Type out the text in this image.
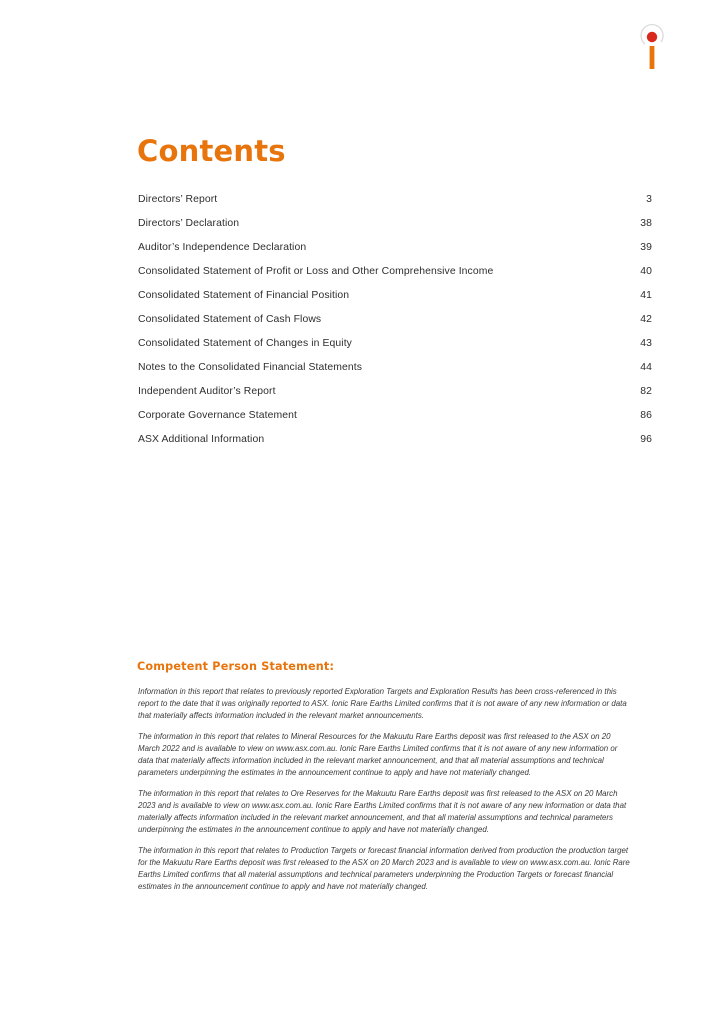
Contents
Directors’ Report	3
Directors’ Declaration	38
Auditor’s Independence Declaration	39
Consolidated Statement of Profit or Loss and Other Comprehensive Income	40
Consolidated Statement of Financial Position	41
Consolidated Statement of Cash Flows	42
Consolidated Statement of Changes in Equity	43
Notes to the Consolidated Financial Statements	44
Independent Auditor’s Report	82
Corporate Governance Statement	86
ASX Additional Information	96
Competent Person Statement:

Information in this report that relates to previously reported Exploration Targets and Exploration Results has been cross-referenced in this report to the date that it was originally reported to ASX. Ionic Rare Earths Limited confirms that it is not aware of any new information or data that materially affects information included in the relevant market announcements.

The information in this report that relates to Mineral Resources for the Makuutu Rare Earths deposit was first released to the ASX on 20 March 2022 and is available to view on www.asx.com.au. Ionic Rare Earths Limited confirms that it is not aware of any new information or data that materially affects information included in the relevant market announcement, and that all material assumptions and technical parameters underpinning the estimates in the announcement continue to apply and have not materially changed.

The information in this report that relates to Ore Reserves for the Makuutu Rare Earths deposit was first released to the ASX on 20 March 2023 and is available to view on www.asx.com.au. Ionic Rare Earths Limited confirms that it is not aware of any new information or data that materially affects information included in the relevant market announcement, and that all material assumptions and technical parameters underpinning the estimates in the announcement continue to apply and have not materially changed.

The information in this report that relates to Production Targets or forecast financial information derived from production the production target for the Makuutu Rare Earths deposit was first released to the ASX on 20 March 2023 and is available to view on www.asx.com.au. Ionic Rare Earths Limited confirms that all material assumptions and technical parameters underpinning the Production Targets or forecast financial estimates in the announcement continue to apply and have not materially changed.
